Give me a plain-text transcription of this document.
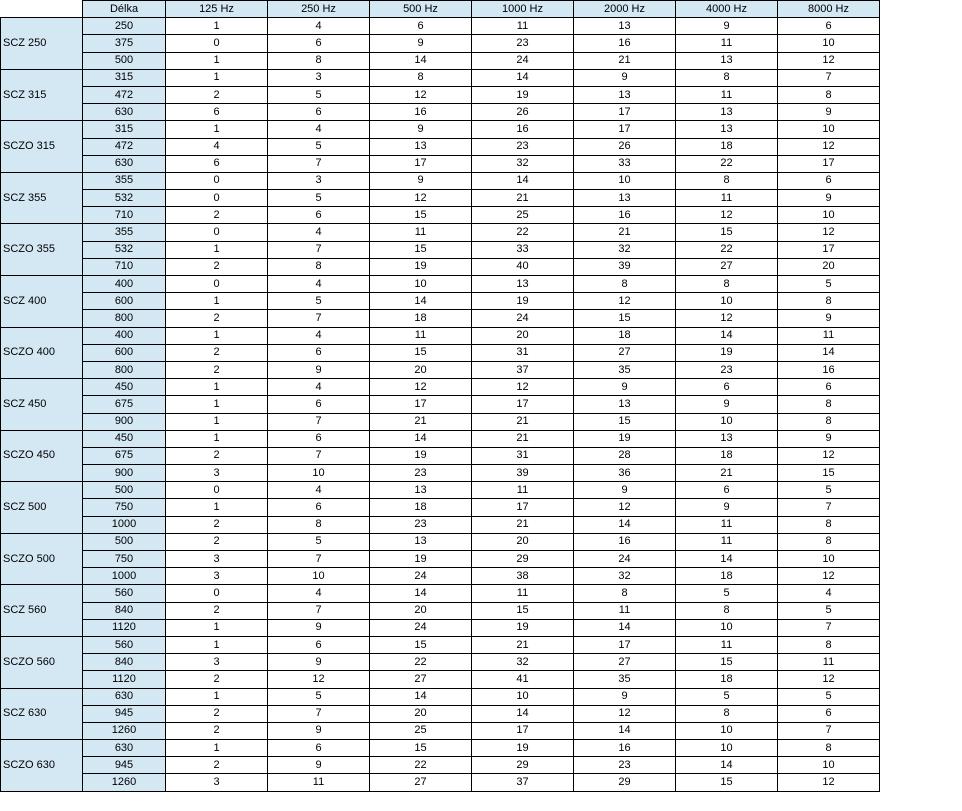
	Délka	125 Hz	250 Hz	500 Hz	1000 Hz	2000 Hz	4000 Hz	8000 Hz
SCZ 250	250	1	4	6	11	13	9	6
	375	0	6	9	23	16	11	10
	500	1	8	14	24	21	13	12
SCZ 315	315	1	3	8	14	9	8	7
	472	2	5	12	19	13	11	8
	630	6	6	16	26	17	13	9
SCZO 315	315	1	4	9	16	17	13	10
	472	4	5	13	23	26	18	12
	630	6	7	17	32	33	22	17
SCZ 355	355	0	3	9	14	10	8	6
	532	0	5	12	21	13	11	9
	710	2	6	15	25	16	12	10
SCZO 355	355	0	4	11	22	21	15	12
	532	1	7	15	33	32	22	17
	710	2	8	19	40	39	27	20
SCZ 400	400	0	4	10	13	8	8	5
	600	1	5	14	19	12	10	8
	800	2	7	18	24	15	12	9
SCZO 400	400	1	4	11	20	18	14	11
	600	2	6	15	31	27	19	14
	800	2	9	20	37	35	23	16
SCZ 450	450	1	4	12	12	9	6	6
	675	1	6	17	17	13	9	8
	900	1	7	21	21	15	10	8
SCZO 450	450	1	6	14	21	19	13	9
	675	2	7	19	31	28	18	12
	900	3	10	23	39	36	21	15
SCZ 500	500	0	4	13	11	9	6	5
	750	1	6	18	17	12	9	7
	1000	2	8	23	21	14	11	8
SCZO 500	500	2	5	13	20	16	11	8
	750	3	7	19	29	24	14	10
	1000	3	10	24	38	32	18	12
SCZ 560	560	0	4	14	11	8	5	4
	840	2	7	20	15	11	8	5
	1120	1	9	24	19	14	10	7
SCZO 560	560	1	6	15	21	17	11	8
	840	3	9	22	32	27	15	11
	1120	2	12	27	41	35	18	12
SCZ 630	630	1	5	14	10	9	5	5
	945	2	7	20	14	12	8	6
	1260	2	9	25	17	14	10	7
SCZO 630	630	1	6	15	19	16	10	8
	945	2	9	22	29	23	14	10
	1260	3	11	27	37	29	15	12
